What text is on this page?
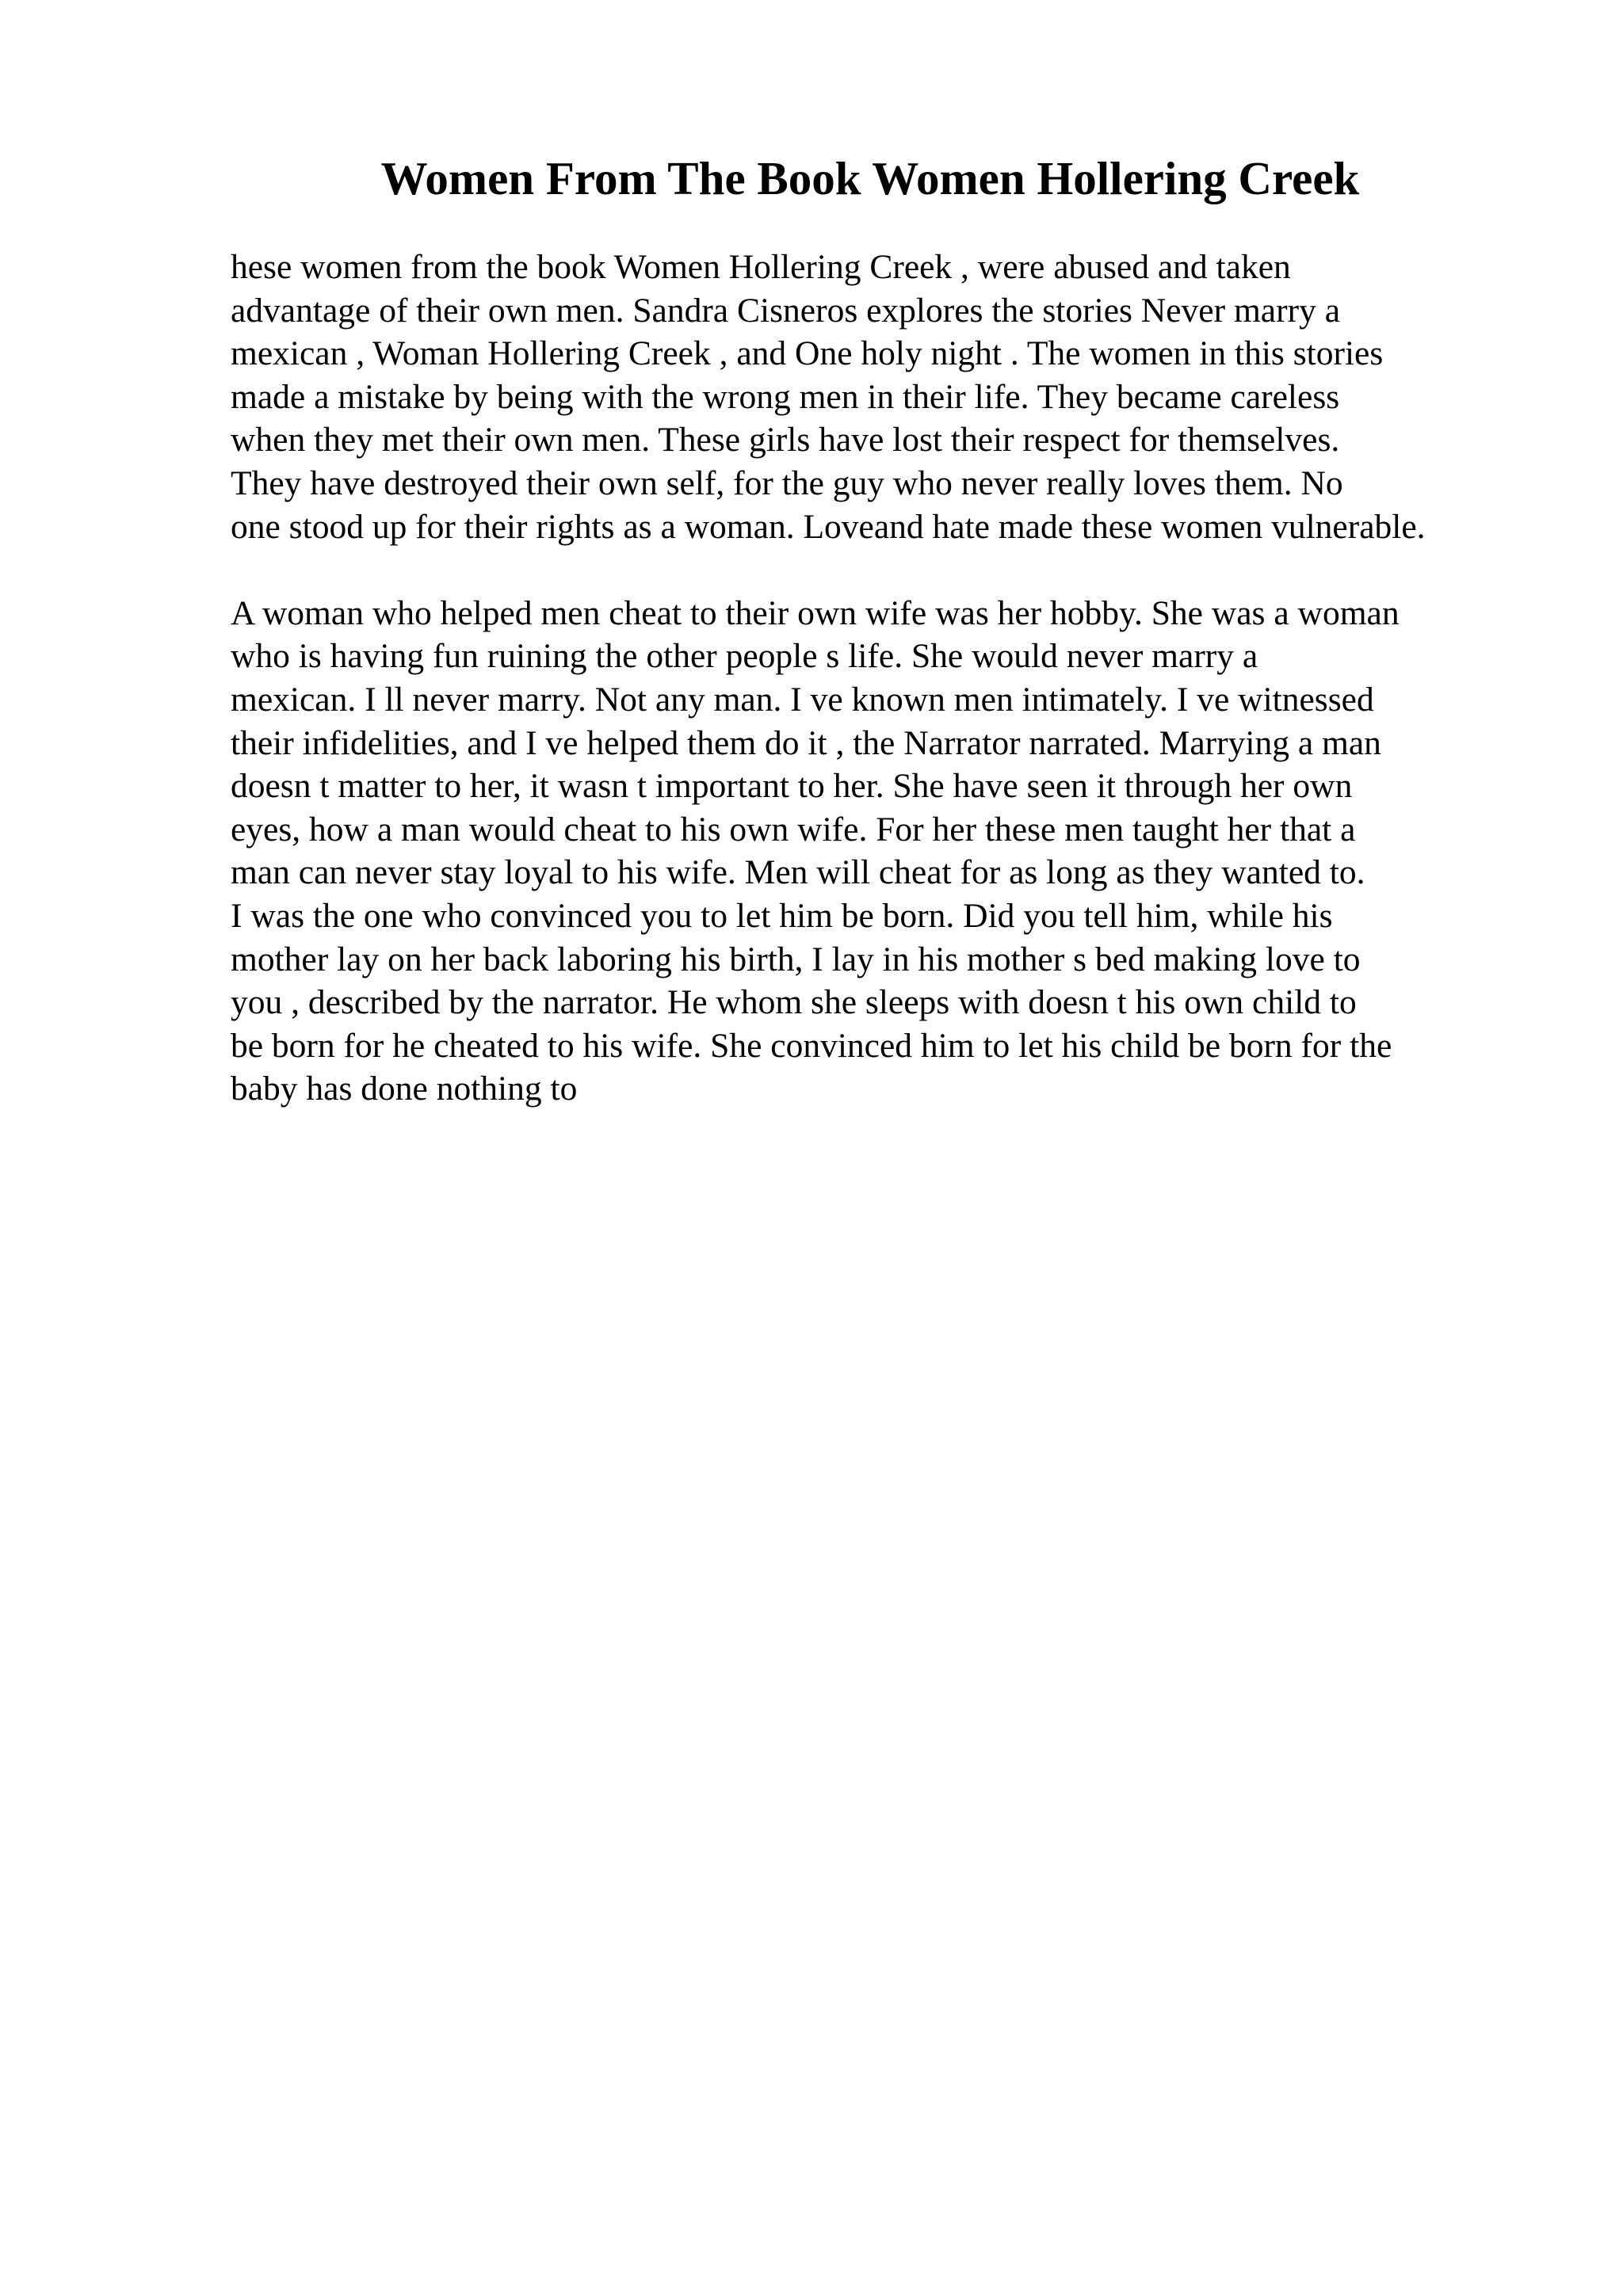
Women From The Book Women Hollering Creek

hese women from the book Women Hollering Creek , were abused and taken
advantage of their own men. Sandra Cisneros explores the stories Never marry a
mexican , Woman Hollering Creek , and One holy night . The women in this stories
made a mistake by being with the wrong men in their life. They became careless
when they met their own men. These girls have lost their respect for themselves.
They have destroyed their own self, for the guy who never really loves them. No
one stood up for their rights as a woman. Loveand hate made these women vulnerable.

A woman who helped men cheat to their own wife was her hobby. She was a woman
who is having fun ruining the other people s life. She would never marry a
mexican. I ll never marry. Not any man. I ve known men intimately. I ve witnessed
their infidelities, and I ve helped them do it , the Narrator narrated. Marrying a man
doesn t matter to her, it wasn t important to her. She have seen it through her own
eyes, how a man would cheat to his own wife. For her these men taught her that a
man can never stay loyal to his wife. Men will cheat for as long as they wanted to.
I was the one who convinced you to let him be born. Did you tell him, while his
mother lay on her back laboring his birth, I lay in his mother s bed making love to
you , described by the narrator. He whom she sleeps with doesn t his own child to
be born for he cheated to his wife. She convinced him to let his child be born for the
baby has done nothing to
